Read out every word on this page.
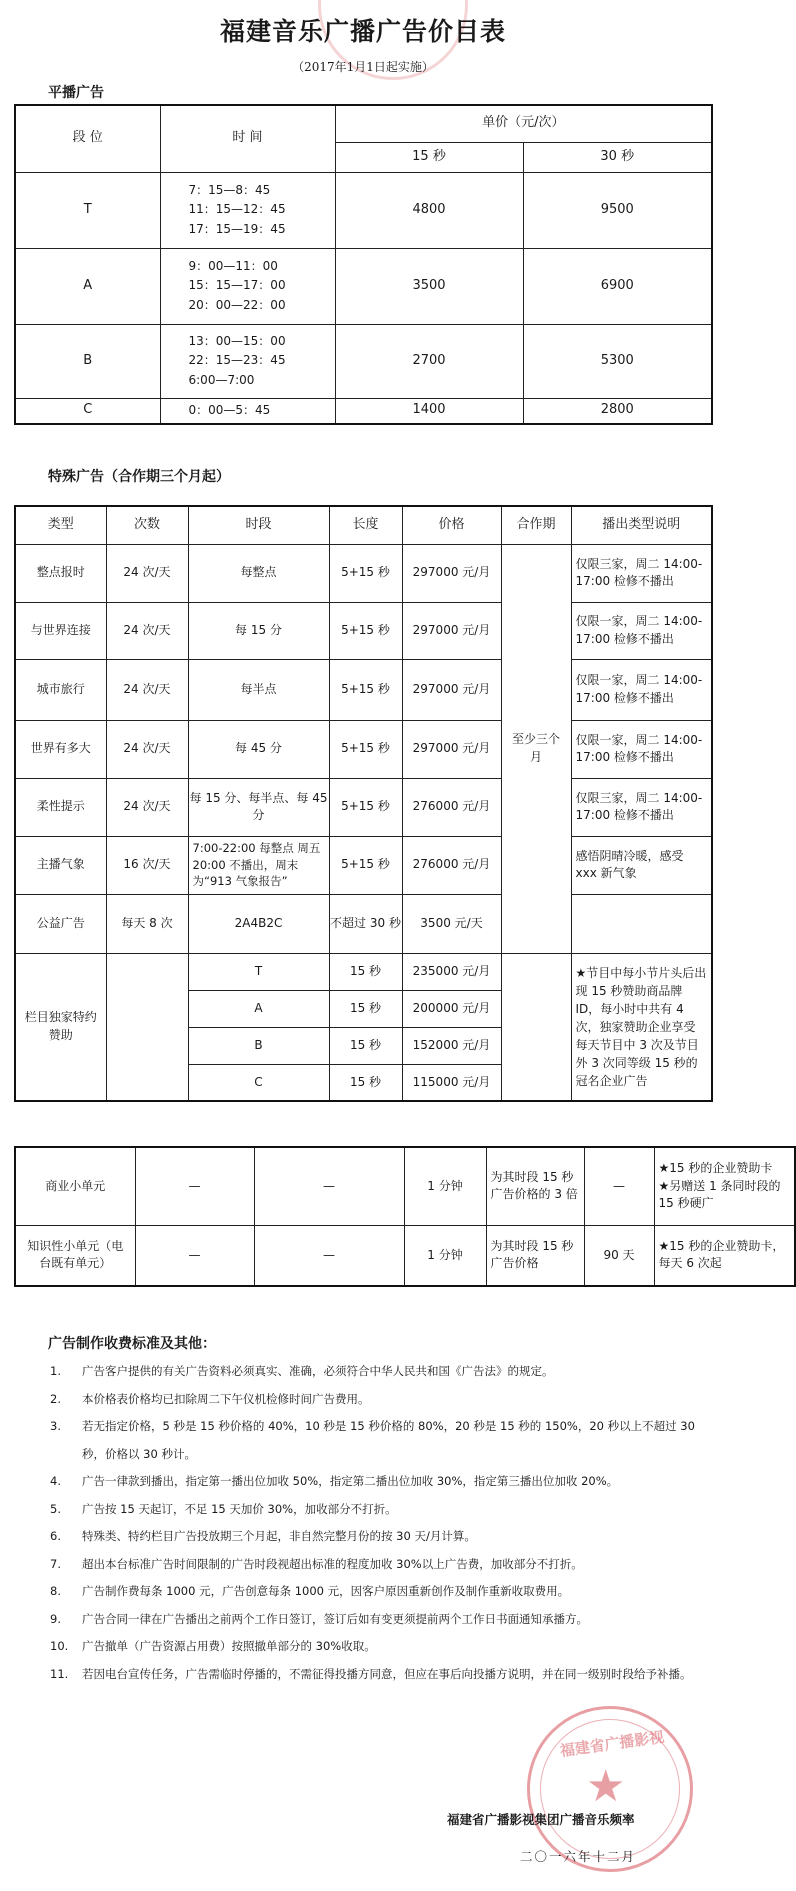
福建音乐广播广告价目表
（2017年1月1日起实施）
平播广告
段 位	时 间	单价（元/次）	
		15 秒	30 秒
T	7：15—8：45
11：15—12：45
17：15—19：45	4800	9500
A	9：00—11：00
15：15—17：00
20：00—22：00	3500	6900
B	13：00—15：00
22：15—23：45
6:00—7:00	2700	5300
C	0：00—5：45	1400	2800
特殊广告（合作期三个月起）
类型	次数	时段	长度	价格	合作期	播出类型说明
整点报时	24 次/天	每整点	5+15 秒	297000 元/月	至少三个月	仅限三家，周二 14:00-17:00 检修不播出
与世界连接	24 次/天	每 15 分	5+15 秒	297000 元/月		仅限一家，周二 14:00-17:00 检修不播出
城市旅行	24 次/天	每半点	5+15 秒	297000 元/月		仅限一家，周二 14:00-17:00 检修不播出
世界有多大	24 次/天	每 45 分	5+15 秒	297000 元/月		仅限一家，周二 14:00-17:00 检修不播出
柔性提示	24 次/天	每 15 分、每半点、每 45 分	5+15 秒	276000 元/月		仅限三家，周二 14:00-17:00 检修不播出
主播气象	16 次/天	7:00-22:00 每整点 周五 20:00 不播出，周末为“913 气象报告”	5+15 秒	276000 元/月		感悟阴晴冷暖，感受 xxx 新气象
公益广告	每天 8 次	2A4B2C	不超过 30 秒	3500 元/天		
栏目独家特约赞助		T	15 秒	235000 元/月		★节目中每小节片头后出现 15 秒赞助商品牌 ID，每小时中共有 4 次，独家赞助企业享受每天节目中 3 次及节目外 3 次同等级 15 秒的冠名企业广告
		A	15 秒	200000 元/月		
		B	15 秒	152000 元/月		
		C	15 秒	115000 元/月		
商业小单元	—	—	1 分钟	为其时段 15 秒广告价格的 3 倍	—	★15 秒的企业赞助卡
★另赠送 1 条同时段的 15 秒硬广

知识性小单元（电台既有单元）	—	—	1 分钟	为其时段 15 秒广告价格	90 天	★15 秒的企业赞助卡，每天 6 次起
广告制作收费标准及其他：
1.	广告客户提供的有关广告资料必须真实、准确，必须符合中华人民共和国《广告法》的规定。
2.	本价格表价格均已扣除周二下午仪机检修时间广告费用。
3.	若无指定价格，5 秒是 15 秒价格的 40%，10 秒是 15 秒价格的 80%，20 秒是 15 秒的 150%，20 秒以上不超过 30 秒，价格以 30 秒计。
4.	广告一律款到播出，指定第一播出位加收 50%，指定第二播出位加收 30%，指定第三播出位加收 20%。
5.	广告按 15 天起订，不足 15 天加价 30%，加收部分不打折。
6.	特殊类、特约栏目广告投放期三个月起，非自然完整月份的按 30 天/月计算。
7.	超出本台标准广告时间限制的广告时段视超出标准的程度加收 30%以上广告费，加收部分不打折。
8.	广告制作费每条 1000 元，广告创意每条 1000 元，因客户原因重新创作及制作重新收取费用。
9.	广告合同一律在广告播出之前两个工作日签订，签订后如有变更须提前两个工作日书面通知承播方。
10.	广告撤单（广告资源占用费）按照撤单部分的 30%收取。
11.	若因电台宣传任务，广告需临时停播的，不需征得投播方同意，但应在事后向投播方说明，并在同一级别时段给予补播。
福建省广播影视
★
福建省广播影视集团广播音乐频率
二〇一六年十二月
